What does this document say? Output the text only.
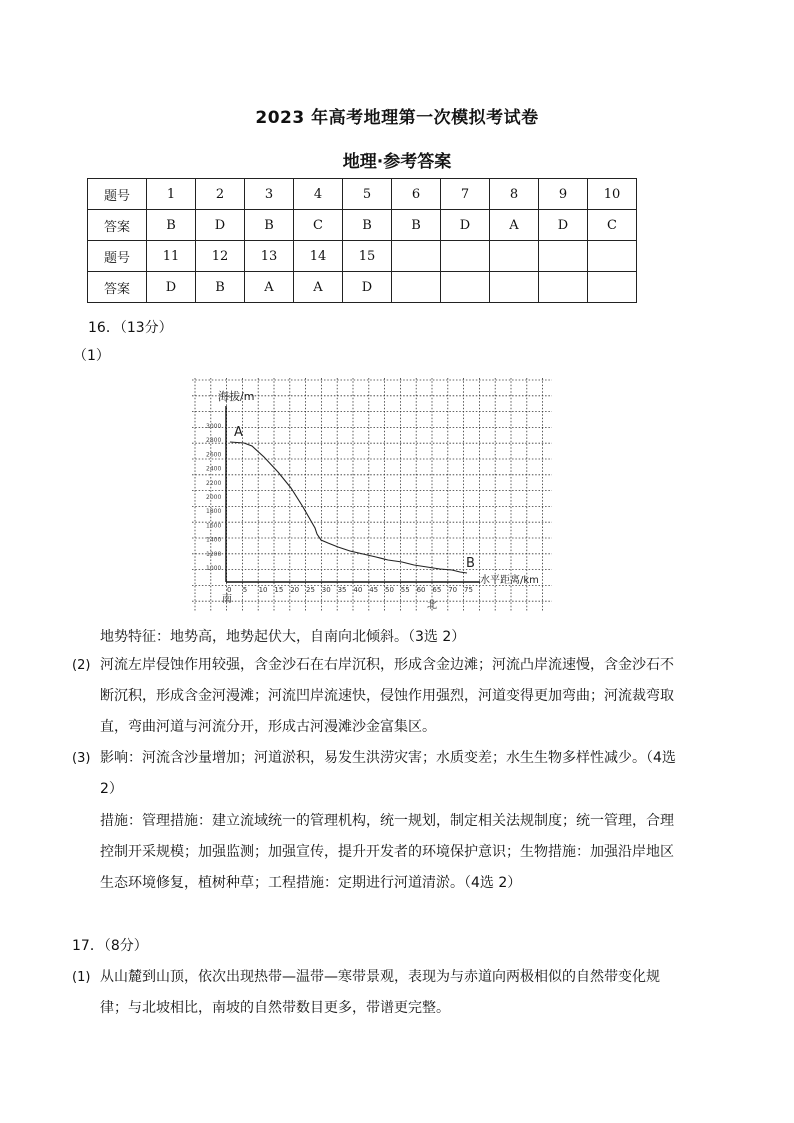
2023 年高考地理第一次模拟考试卷
地理·参考答案
题号	1	2	3	4	5	6	7	8	9	10
答案	B	D	B	C	B	B	D	A	D	C
题号	11	12	13	14	15					
答案	D	B	A	A	D					
16．（13分）
（1）
海拔/m
水平距离/km
南
北
3000
2800
2600
2400
2200
2000
1800
1600
1400
1200
1000
0 5 10 15 20 25 30 35 40 45 50 55 60 65 70 75
A
B
地势特征：地势高，地势起伏大，自南向北倾斜。（3选 2）
(2) 河流左岸侵蚀作用较强，含金沙石在右岸沉积，形成含金边滩；河流凸岸流速慢，含金沙石不断沉积，形成含金河漫滩；河流凹岸流速快，侵蚀作用强烈，河道变得更加弯曲；河流裁弯取直，弯曲河道与河流分开，形成古河漫滩沙金富集区。
(3) 影响：河流含沙量增加；河道淤积，易发生洪涝灾害；水质变差；水生生物多样性减少。（4选 2）
措施：管理措施：建立流域统一的管理机构，统一规划，制定相关法规制度；统一管理，合理控制开采规模；加强监测；加强宣传，提升开发者的环境保护意识；生物措施：加强沿岸地区生态环境修复，植树种草；工程措施：定期进行河道清淤。（4选 2）
17．（8分）
(1) 从山麓到山顶，依次出现热带—温带—寒带景观，表现为与赤道向两极相似的自然带变化规律；与北坡相比，南坡的自然带数目更多，带谱更完整。
